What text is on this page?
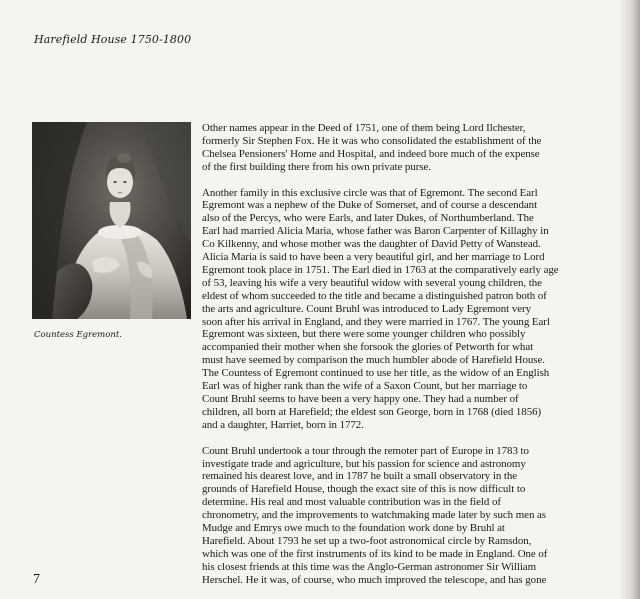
Harefield House 1750-1800
Countess Egremont.

Other names appear in the Deed of 1751, one of them being Lord Ilchester,
formerly Sir Stephen Fox. He it was who consolidated the establishment of the
Chelsea Pensioners' Home and Hospital, and indeed bore much of the expense
of the first building there from his own private purse.

Another family in this exclusive circle was that of Egremont. The second Earl
Egremont was a nephew of the Duke of Somerset, and of course a descendant
also of the Percys, who were Earls, and later Dukes, of Northumberland. The
Earl had married Alicia Maria, whose father was Baron Carpenter of Killaghy in
Co Kilkenny, and whose mother was the daughter of David Petty of Wanstead.
Alicia Maria is said to have been a very beautiful girl, and her marriage to Lord
Egremont took place in 1751. The Earl died in 1763 at the comparatively early age
of 53, leaving his wife a very beautiful widow with several young children, the
eldest of whom succeeded to the title and became a distinguished patron both of
the arts and agriculture. Count Bruhl was introduced to Lady Egremont very
soon after his arrival in England, and they were married in 1767. The young Earl
Egremont was sixteen, but there were some younger children who possibly
accompanied their mother when she forsook the glories of Petworth for what
must have seemed by comparison the much humbler abode of Harefield House.
The Countess of Egremont continued to use her title, as the widow of an English
Earl was of higher rank than the wife of a Saxon Count, but her marriage to
Count Bruhl seems to have been a very happy one. They had a number of
children, all born at Harefield; the eldest son George, born in 1768 (died 1856)
and a daughter, Harriet, born in 1772.

Count Bruhl undertook a tour through the remoter part of Europe in 1783 to
investigate trade and agriculture, but his passion for science and astronomy
remained his dearest love, and in 1787 he built a small observatory in the
grounds of Harefield House, though the exact site of this is now difficult to
determine. His real and most valuable contribution was in the field of
chronometry, and the improvements to watchmaking made later by such men as
Mudge and Emrys owe much to the foundation work done by Bruhl at
Harefield. About 1793 he set up a two-foot astronomical circle by Ramsdon,
which was one of the first instruments of its kind to be made in England. One of
his closest friends at this time was the Anglo-German astronomer Sir William
Herschel. He it was, of course, who much improved the telescope, and has gone

7
